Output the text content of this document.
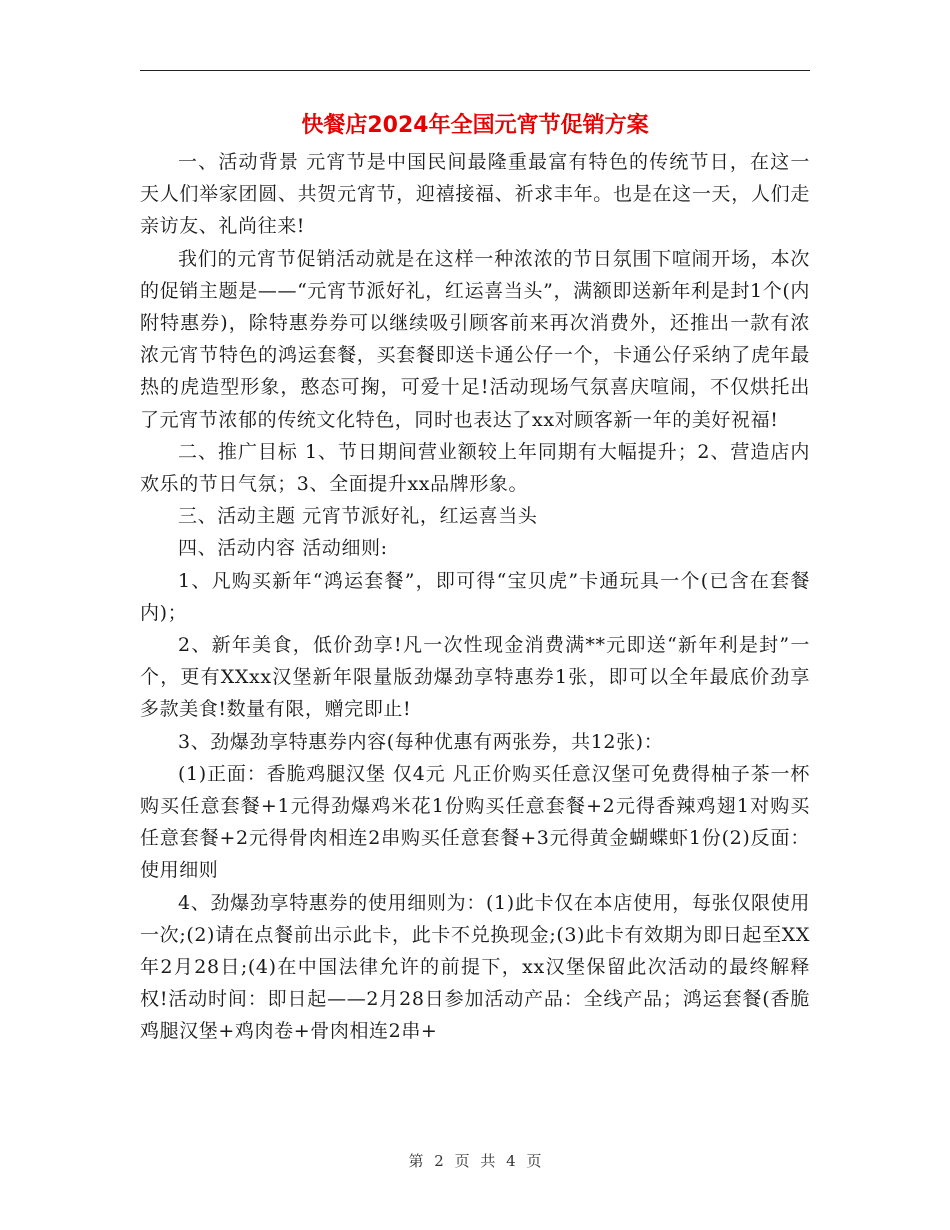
快餐店2024年全国元宵节促销方案

一、活动背景 元宵节是中国民间最隆重最富有特色的传统节日，在这一天人们举家团圆、共贺元宵节，迎禧接福、祈求丰年。也是在这一天，人们走亲访友、礼尚往来!

我们的元宵节促销活动就是在这样一种浓浓的节日氛围下喧闹开场，本次的促销主题是——“元宵节派好礼，红运喜当头”，满额即送新年利是封1个(内附特惠券)，除特惠券券可以继续吸引顾客前来再次消费外，还推出一款有浓浓元宵节特色的鸿运套餐，买套餐即送卡通公仔一个，卡通公仔采纳了虎年最热的虎造型形象，憨态可掬，可爱十足!活动现场气氛喜庆喧闹，不仅烘托出了元宵节浓郁的传统文化特色，同时也表达了xx对顾客新一年的美好祝福!

二、推广目标 1、节日期间营业额较上年同期有大幅提升；2、营造店内欢乐的节日气氛；3、全面提升xx品牌形象。

三、活动主题 元宵节派好礼，红运喜当头

四、活动内容 活动细则:

1、凡购买新年“鸿运套餐”，即可得“宝贝虎”卡通玩具一个(已含在套餐内)；

2、新年美食，低价劲享!凡一次性现金消费满**元即送“新年利是封”一个，更有XXxx汉堡新年限量版劲爆劲享特惠券1张，即可以全年最底价劲享多款美食!数量有限，赠完即止!

3、劲爆劲享特惠券内容(每种优惠有两张券，共12张)：

(1)正面：香脆鸡腿汉堡 仅4元 凡正价购买任意汉堡可免费得柚子茶一杯 购买任意套餐+1元得劲爆鸡米花1份购买任意套餐+2元得香辣鸡翅1对购买任意套餐+2元得骨肉相连2串购买任意套餐+3元得黄金蝴蝶虾1份(2)反面：使用细则

4、劲爆劲享特惠券的使用细则为：(1)此卡仅在本店使用，每张仅限使用一次;(2)请在点餐前出示此卡，此卡不兑换现金;(3)此卡有效期为即日起至XX年2月28日;(4)在中国法律允许的前提下，xx汉堡保留此次活动的最终解释权!活动时间：即日起——2月28日参加活动产品：全线产品；鸿运套餐(香脆鸡腿汉堡+鸡肉卷+骨肉相连2串+

第 2 页 共 4 页
